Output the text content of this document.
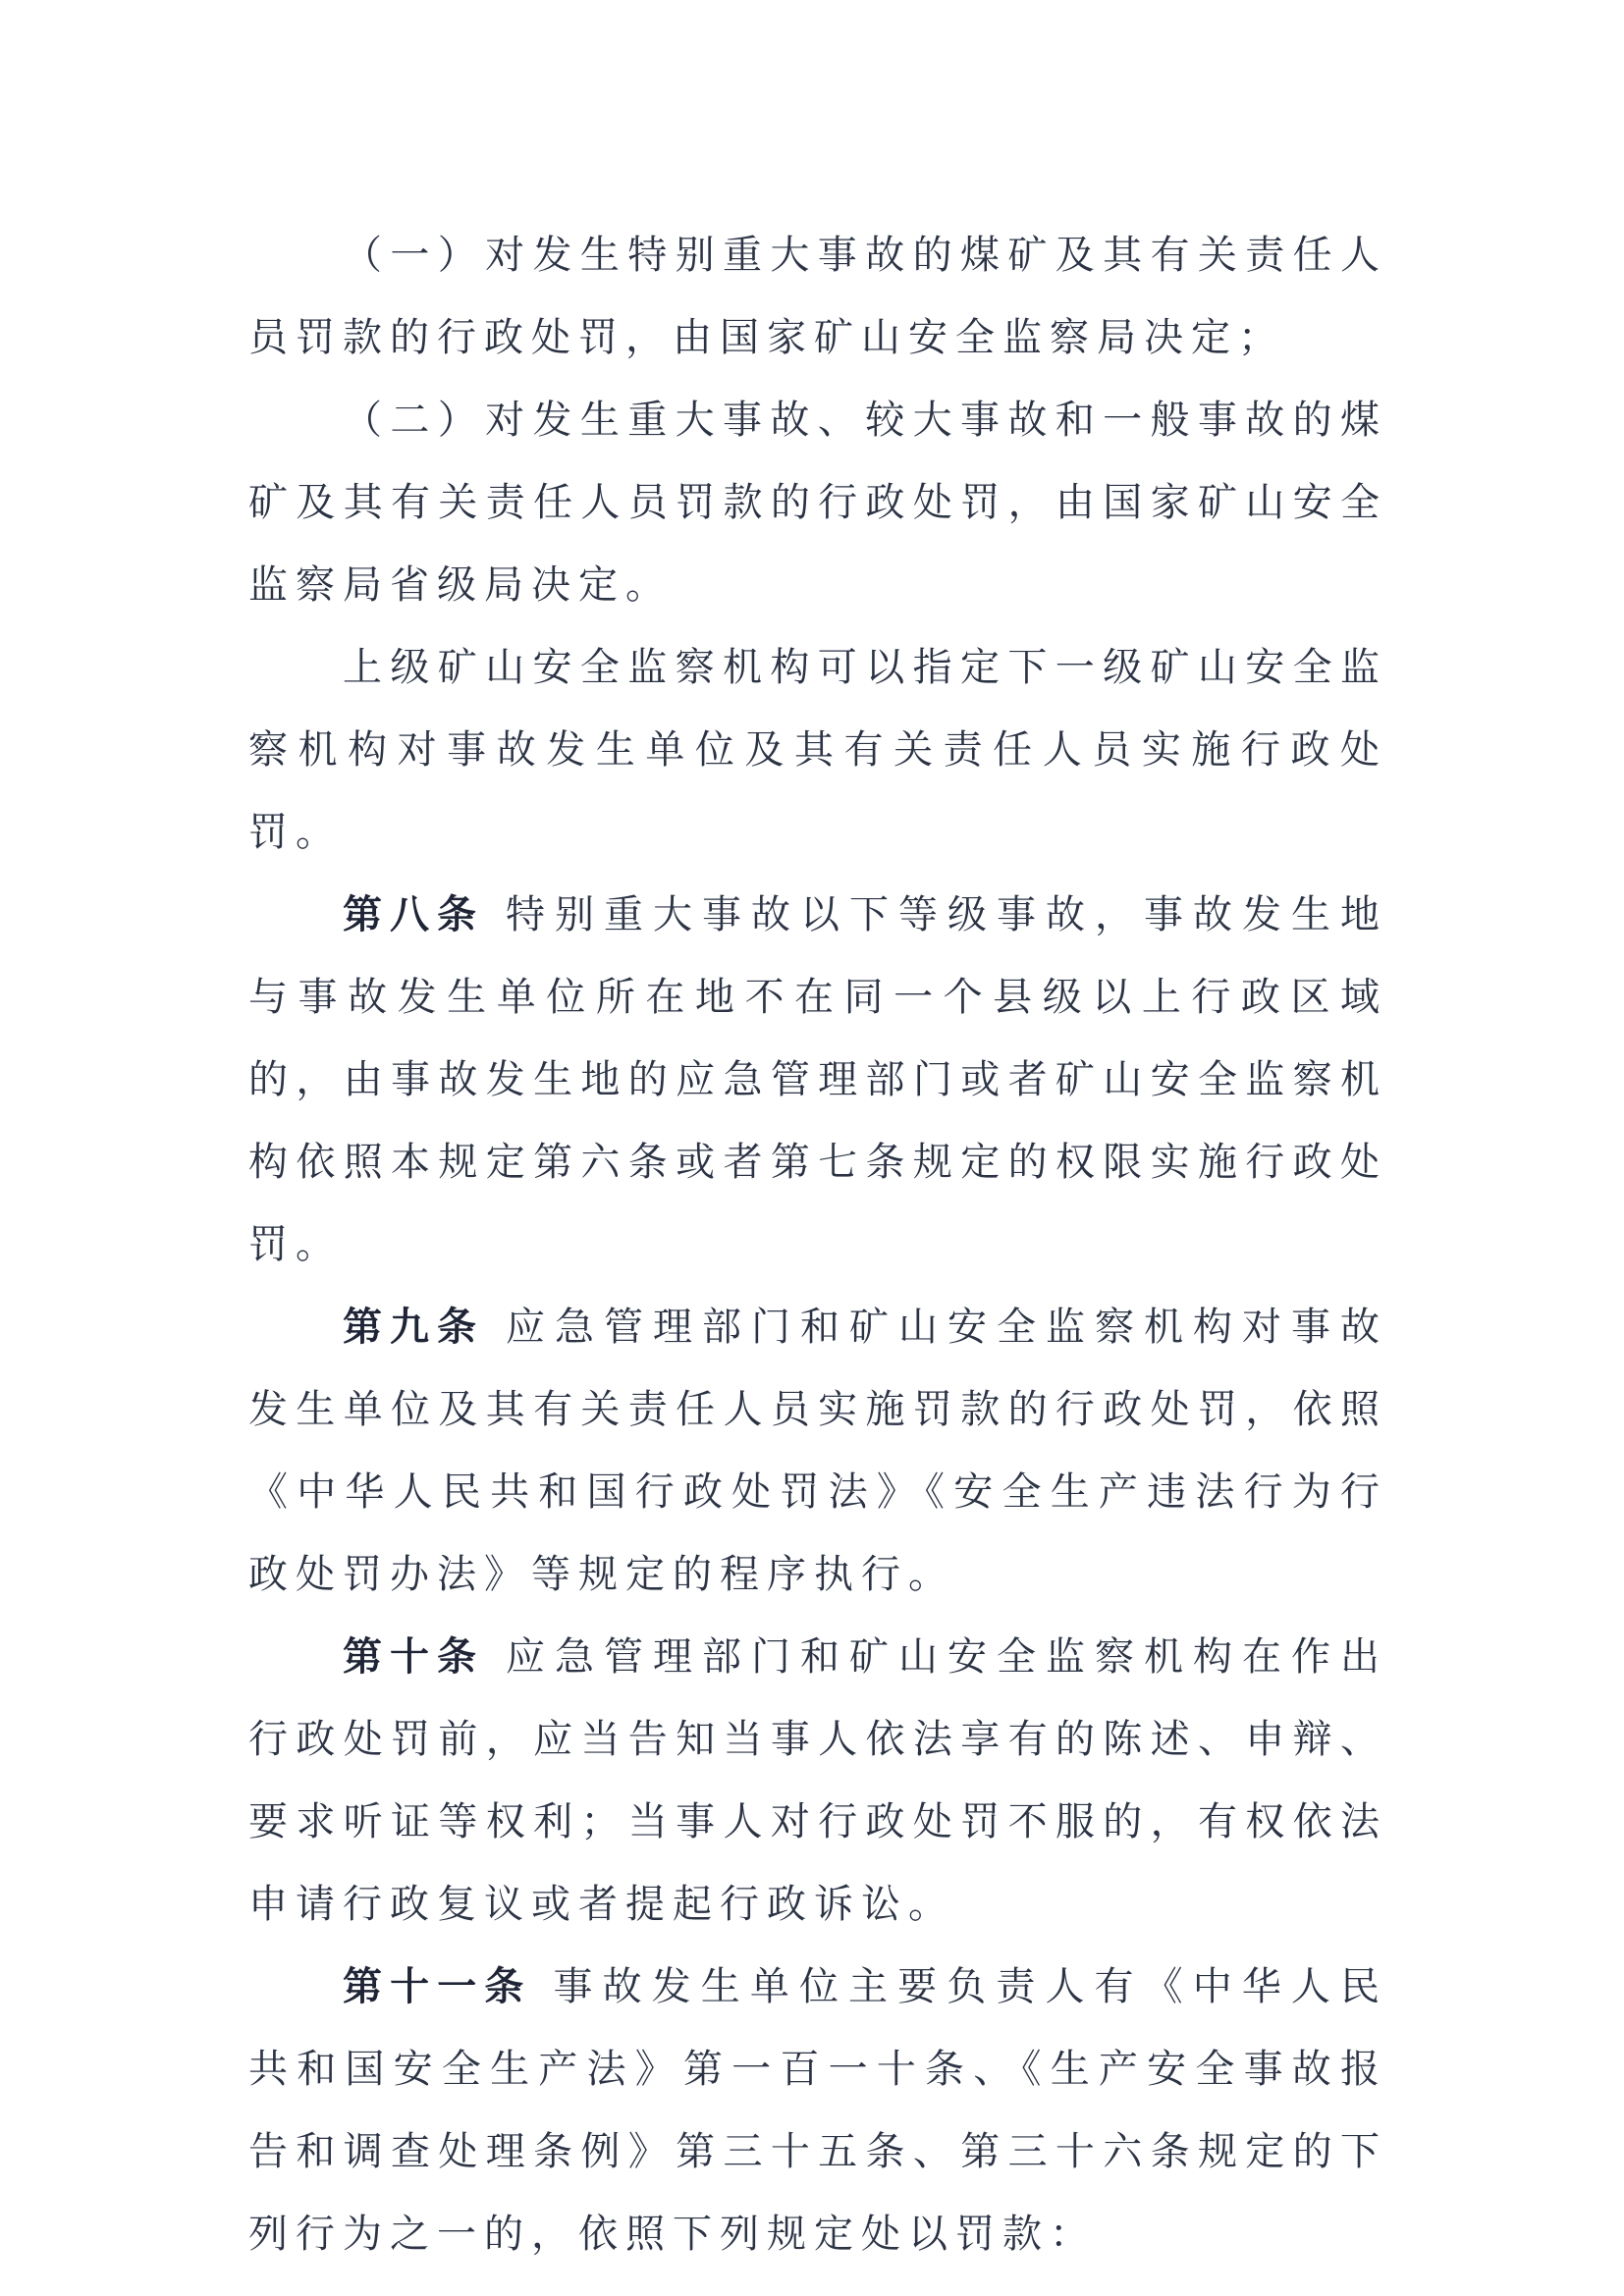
（一）对发生特别重大事故的煤矿及其有关责任人员罚款的行政处罚，由国家矿山安全监察局决定；

（二）对发生重大事故、较大事故和一般事故的煤矿及其有关责任人员罚款的行政处罚，由国家矿山安全监察局省级局决定。

上级矿山安全监察机构可以指定下一级矿山安全监察机构对事故发生单位及其有关责任人员实施行政处罚。

第八条 特别重大事故以下等级事故，事故发生地与事故发生单位所在地不在同一个县级以上行政区域的，由事故发生地的应急管理部门或者矿山安全监察机构依照本规定第六条或者第七条规定的权限实施行政处罚。

第九条 应急管理部门和矿山安全监察机构对事故发生单位及其有关责任人员实施罚款的行政处罚，依照《中华人民共和国行政处罚法》《安全生产违法行为行政处罚办法》等规定的程序执行。

第十条 应急管理部门和矿山安全监察机构在作出行政处罚前，应当告知当事人依法享有的陈述、申辩、要求听证等权利；当事人对行政处罚不服的，有权依法申请行政复议或者提起行政诉讼。

第十一条 事故发生单位主要负责人有《中华人民共和国安全生产法》第一百一十条、《生产安全事故报告和调查处理条例》第三十五条、第三十六条规定的下列行为之一的，依照下列规定处以罚款：
